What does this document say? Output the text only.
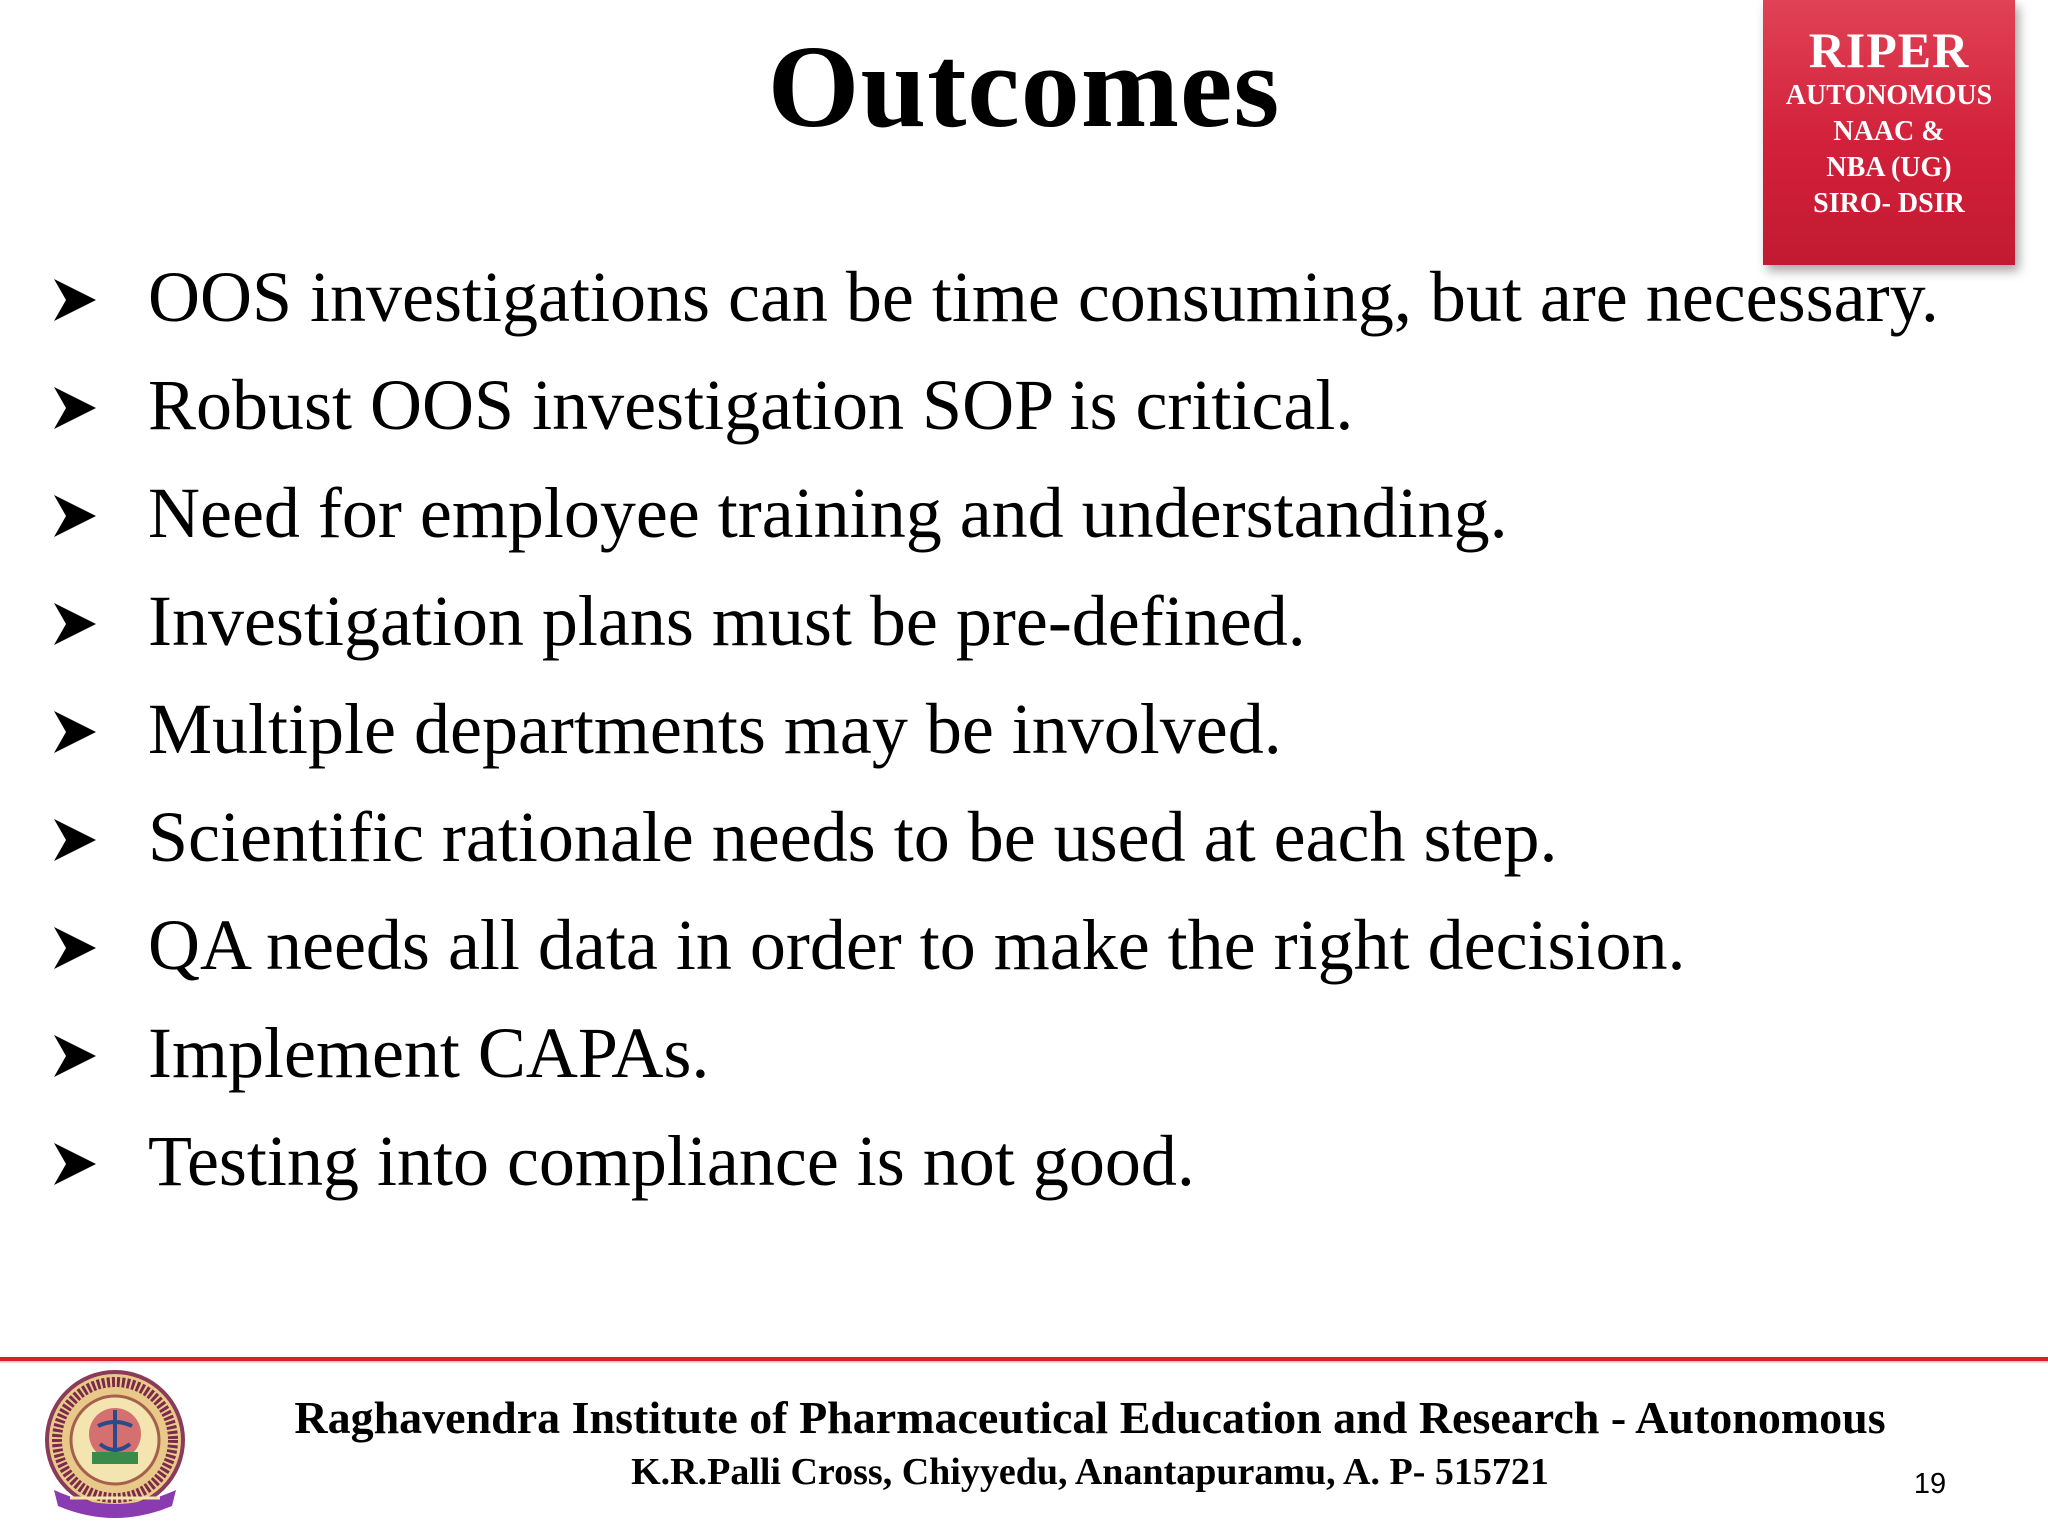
Outcomes	RIPER
AUTONOMOUS
NAAC &
NBA (UG)
SIRO- DSIR
OOS investigations can be time consuming, but are necessary.
Robust OOS investigation SOP is critical.
Need for employee training and understanding.
Investigation plans must be pre-defined.
Multiple departments may be involved.
Scientific rationale needs to be used at each step.
QA needs all data in order to make the right decision.
Implement CAPAs.
Testing into compliance is not good.
Raghavendra Institute of Pharmaceutical Education and Research - Autonomous
K.R.Palli Cross, Chiyyedu, Anantapuramu, A. P- 515721	19
